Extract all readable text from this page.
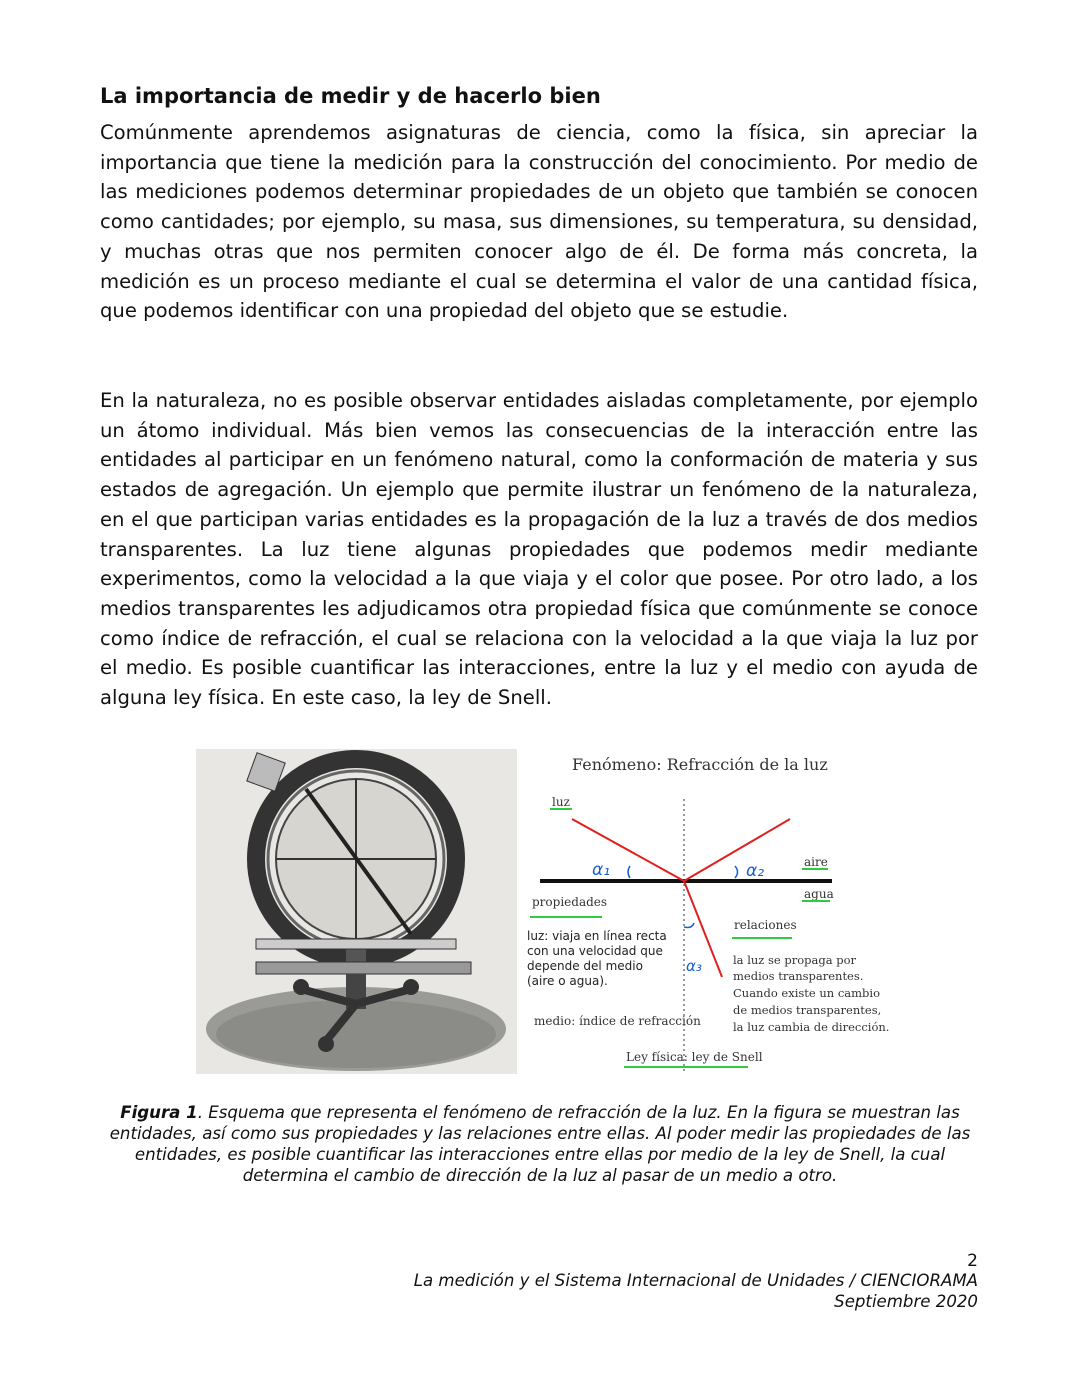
La importancia de medir y de hacerlo bien

Comúnmente aprendemos asignaturas de ciencia, como la física, sin apreciar la importancia que tiene la medición para la construcción del conocimiento. Por medio de las mediciones podemos determinar propiedades de un objeto que también se conocen como cantidades; por ejemplo, su masa, sus dimensiones, su temperatura, su densidad, y muchas otras que nos permiten conocer algo de él. De forma más concreta, la medición es un proceso mediante el cual se determina el valor de una cantidad física, que podemos identificar con una propiedad del objeto que se estudie.

En la naturaleza, no es posible observar entidades aisladas completamente, por ejemplo un átomo individual. Más bien vemos las consecuencias de la interacción entre las entidades al participar en un fenómeno natural, como la conformación de materia y sus estados de agregación. Un ejemplo que permite ilustrar un fenómeno de la naturaleza, en el que participan varias entidades es la propagación de la luz a través de dos medios transparentes. La luz tiene algunas propiedades que podemos medir mediante experimentos, como la velocidad a la que viaja y el color que posee. Por otro lado, a los medios transparentes les adjudicamos otra propiedad física que comúnmente se conoce como índice de refracción, el cual se relaciona con la velocidad a la que viaja la luz por el medio. Es posible cuantificar las interacciones, entre la luz y el medio con ayuda de alguna ley física. En este caso, la ley de Snell.

Fenómeno: Refracción de la luz
luz
α₁	α₂
α₃
aire
agua
propiedades
luz: viaja en línea recta
con una velocidad que
depende del medio
(aire o agua).
relaciones
la luz se propaga por
medios transparentes.
Cuando existe un cambio
de medios transparentes,
la luz cambia de dirección.
medio: índice de refracción
Ley física: ley de Snell

Figura 1. Esquema que representa el fenómeno de refracción de la luz. En la figura se muestran las entidades, así como sus propiedades y las relaciones entre ellas. Al poder medir las propiedades de las entidades, es posible cuantificar las interacciones entre ellas por medio de la ley de Snell, la cual determina el cambio de dirección de la luz al pasar de un medio a otro.

2
La medición y el Sistema Internacional de Unidades / CIENCIORAMA
Septiembre 2020
